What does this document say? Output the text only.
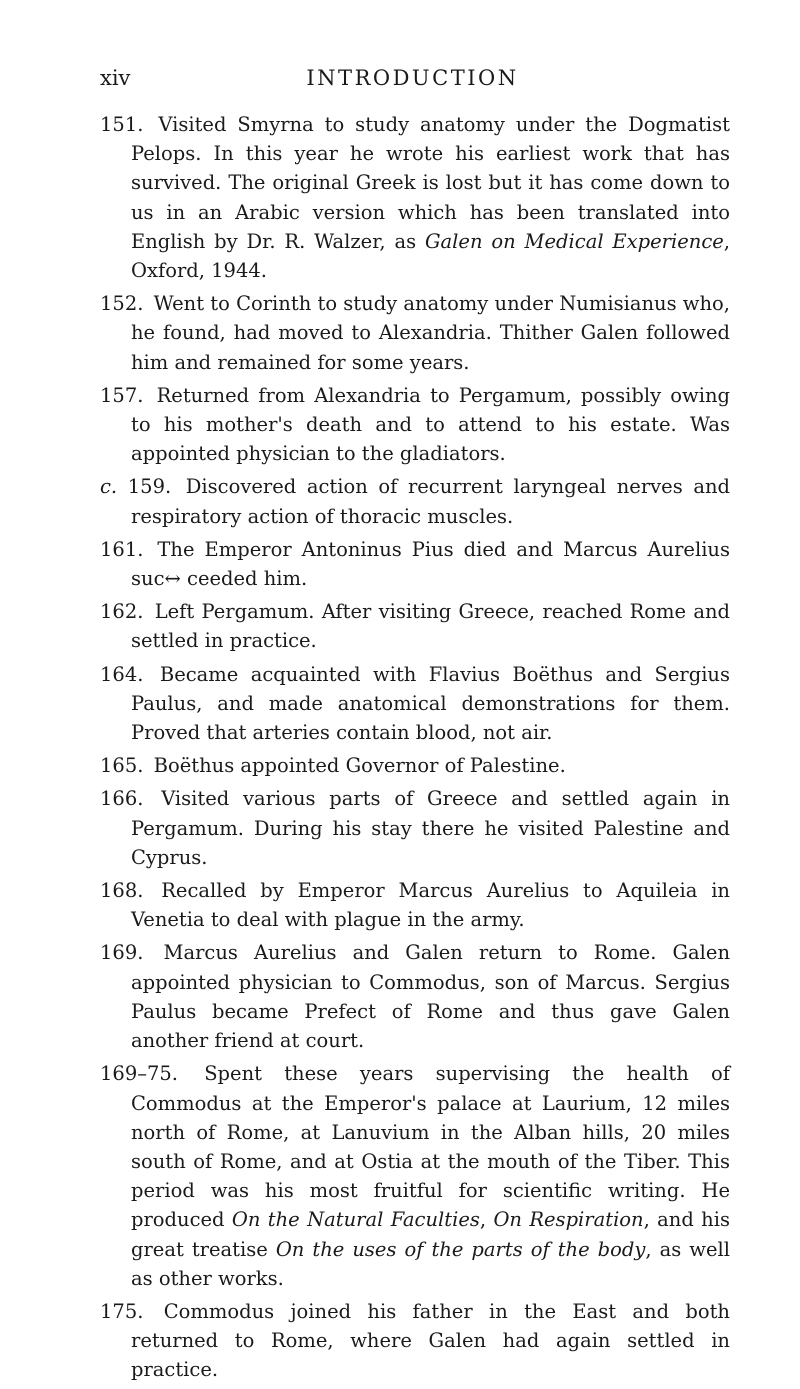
xiv	INTRODUCTION

151. Visited Smyrna to study anatomy under the Dogmatist Pelops. In this year he wrote his earliest work that has survived. The original Greek is lost but it has come down to us in an Arabic version which has been translated into English by Dr. R. Walzer, as Galen on Medical Experience, Oxford, 1944.

152. Went to Corinth to study anatomy under Numisianus who, he found, had moved to Alexandria. Thither Galen followed him and remained for some years.

157. Returned from Alexandria to Pergamum, possibly owing to his mother's death and to attend to his estate. Was appointed physician to the gladiators.

c. 159. Discovered action of recurrent laryngeal nerves and respiratory action of thoracic muscles.

161. The Emperor Antoninus Pius died and Marcus Aurelius suc↔ ceeded him.

162. Left Pergamum. After visiting Greece, reached Rome and settled in practice.

164. Became acquainted with Flavius Boëthus and Sergius Paulus, and made anatomical demonstrations for them. Proved that arteries contain blood, not air.

165. Boëthus appointed Governor of Palestine.

166. Visited various parts of Greece and settled again in Pergamum. During his stay there he visited Palestine and Cyprus.

168. Recalled by Emperor Marcus Aurelius to Aquileia in Venetia to deal with plague in the army.

169. Marcus Aurelius and Galen return to Rome. Galen appointed physician to Commodus, son of Marcus. Sergius Paulus became Prefect of Rome and thus gave Galen another friend at court.

169–75. Spent these years supervising the health of Commodus at the Emperor's palace at Laurium, 12 miles north of Rome, at Lanuvium in the Alban hills, 20 miles south of Rome, and at Ostia at the mouth of the Tiber. This period was his most fruitful for scientific writing. He produced On the Natural Faculties, On Respiration, and his great treatise On the uses of the parts of the body, as well as other works.

175. Commodus joined his father in the East and both returned to Rome, where Galen had again settled in practice.
